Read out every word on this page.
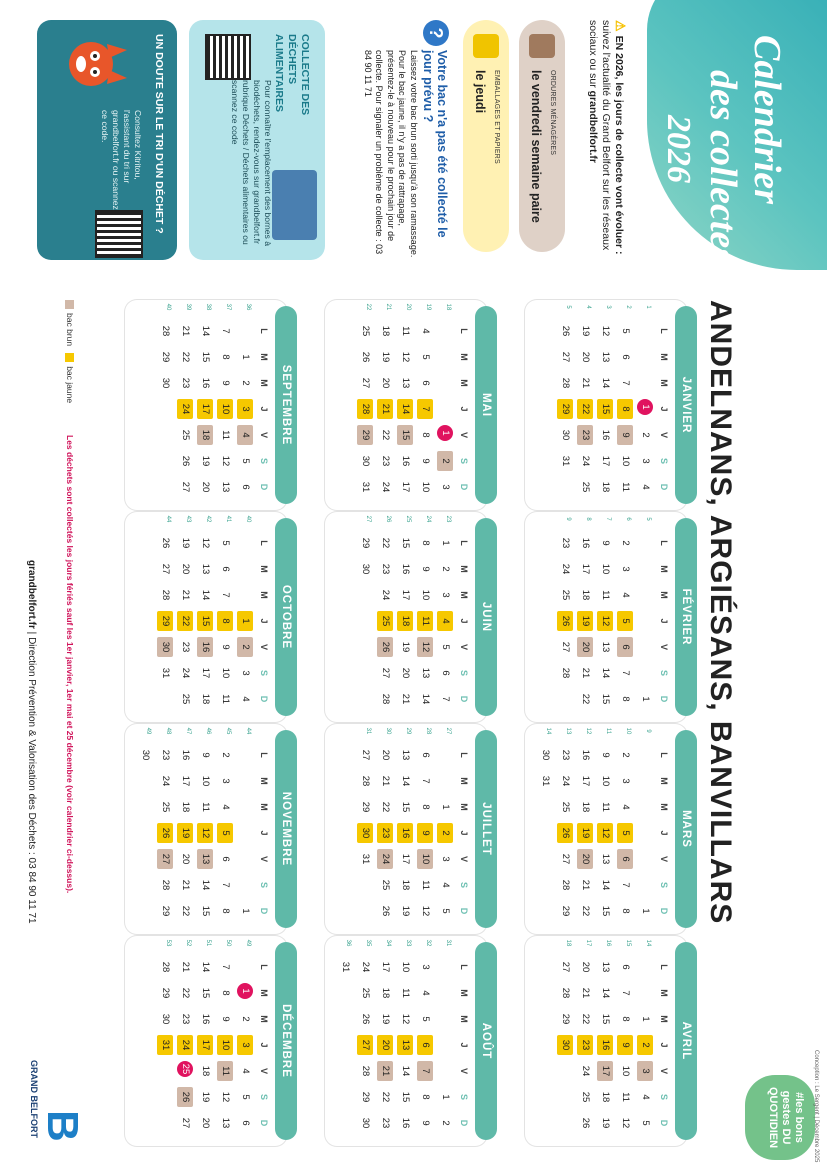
Calendrier
des collectes
2026
⚠EN 2026, les jours de collecte vont évoluer : suivez l'actualité du Grand Belfort sur les réseaux sociaux ou sur grandbelfort.fr
ORDURES MÉNAGÈRES
le vendredi semaine paire
EMBALLAGES ET PAPIERS
le jeudi
?
Votre bac n'a pas été collecté le jour prévu ?
Laissez votre bac brun sorti jusqu'à son ramassage. Pour le bac jaune, il n'y a pas de rattrapage, présentez-le à nouveau pour le prochain jour de collecte. Pour signaler un problème de collecte : 03 84 90 11 71
COLLECTE DES DÉCHETS ALIMENTAIRES
Pour connaître l'emplacement des bornes à biodéchets, rendez-vous sur grandbelfort.fr rubrique Déchets / Déchets alimentaires ou scannez ce code
UN DOUTE SUR LE TRI D'UN DÉCHET ?
Consultez Kitritou, l'assistant du tri sur grandbelfort.fr ou scannez ce code.
ANDELNANS, ARGIÉSANS, BANVILLARS
JANVIER
L
M
M
J
V
S
D
1
2
3
4
5
1
2
3
4
5
6
7
8
9
10
11
12
13
14
15
16
17
18
19
20
21
22
23
24
25
26
27
28
29
30
31
FÉVRIER
L
M
M
J
V
S
D
5
6
7
8
9
1
2
3
4
5
6
7
8
9
10
11
12
13
14
15
16
17
18
19
20
21
22
23
24
25
26
27
28
MARS
L
M
M
J
V
S
D
9
10
11
12
13
14
1
2
3
4
5
6
7
8
9
10
11
12
13
14
15
16
17
18
19
20
21
22
23
24
25
26
27
28
29
30
31
AVRIL
L
M
M
J
V
S
D
14
15
16
17
18
1
2
3
4
5
6
7
8
9
10
11
12
13
14
15
16
17
18
19
20
21
22
23
24
25
26
27
28
29
30
MAI
L
M
M
J
V
S
D
18
19
20
21
22
1
2
3
4
5
6
7
8
9
10
11
12
13
14
15
16
17
18
19
20
21
22
23
24
25
26
27
28
29
30
31
JUIN
L
M
M
J
V
S
D
23
24
25
26
27
1
2
3
4
5
6
7
8
9
10
11
12
13
14
15
16
17
18
19
20
21
22
23
24
25
26
27
28
29
30
JUILLET
L
M
M
J
V
S
D
27
28
29
30
31
1
2
3
4
5
6
7
8
9
10
11
12
13
14
15
16
17
18
19
20
21
22
23
24
25
26
27
28
29
30
31
AOÛT
L
M
M
J
V
S
D
31
32
33
34
35
36
1
2
3
4
5
6
7
8
9
10
11
12
13
14
15
16
17
18
19
20
21
22
23
24
25
26
27
28
29
30
31
SEPTEMBRE
L
M
M
J
V
S
D
36
37
38
39
40
1
2
3
4
5
6
7
8
9
10
11
12
13
14
15
16
17
18
19
20
21
22
23
24
25
26
27
28
29
30
OCTOBRE
L
M
M
J
V
S
D
40
41
42
43
44
1
2
3
4
5
6
7
8
9
10
11
12
13
14
15
16
17
18
19
20
21
22
23
24
25
26
27
28
29
30
31
NOVEMBRE
L
M
M
J
V
S
D
44
45
46
47
48
49
1
2
3
4
5
6
7
8
9
10
11
12
13
14
15
16
17
18
19
20
21
22
23
24
25
26
27
28
29
30
DÉCEMBRE
L
M
M
J
V
S
D
49
50
51
52
53
1
2
3
4
5
6
7
8
9
10
11
12
13
14
15
16
17
18
19
20
21
22
23
24
25
26
27
28
29
30
31
bac brun   bac jaune
Les déchets sont collectés les jours fériés sauf les 1er janvier, 1er mai et 25 décembre (voir calendrier ci-dessus).
grandbelfort.fr | Direction Prévention & Valorisation des Déchets : 03 84 90 11 71
B
GRAND BELFORT	#les bons gestes DU QUOTIDIEN	Conception : Le Sergent | Décembre 2025
